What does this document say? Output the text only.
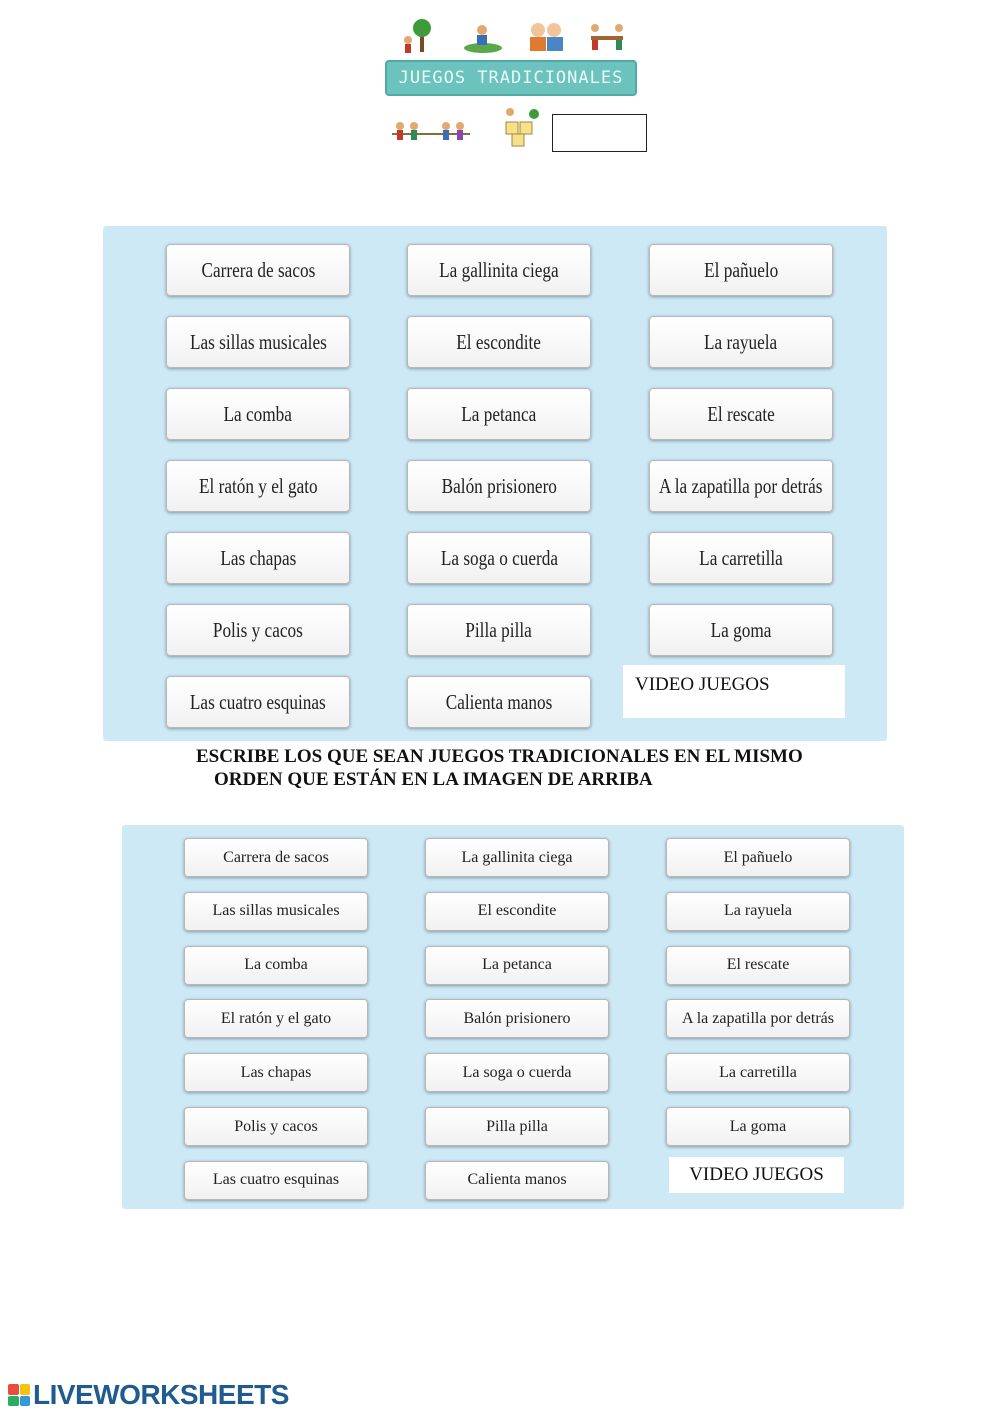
JUEGOS TRADICIONALES
Carrera de sacos	La gallinita ciega	El pañuelo
Las sillas musicales	El escondite	La rayuela
La comba	La petanca	El rescate
El ratón y el gato	Balón prisionero	A la zapatilla por detrás
Las chapas	La soga o cuerda	La carretilla
Polis y cacos	Pilla pilla	La goma
Las cuatro esquinas	Calienta manos
VIDEO JUEGOS
ESCRIBE LOS QUE SEAN JUEGOS TRADICIONALES EN EL MISMO
ORDEN QUE ESTÁN EN LA IMAGEN DE ARRIBA
Carrera de sacos	La gallinita ciega	El pañuelo
Las sillas musicales	El escondite	La rayuela
La comba	La petanca	El rescate
El ratón y el gato	Balón prisionero	A la zapatilla por detrás
Las chapas	La soga o cuerda	La carretilla
Polis y cacos	Pilla pilla	La goma
Las cuatro esquinas	Calienta manos	VIDEO JUEGOS
LIVEWORKSHEETS
